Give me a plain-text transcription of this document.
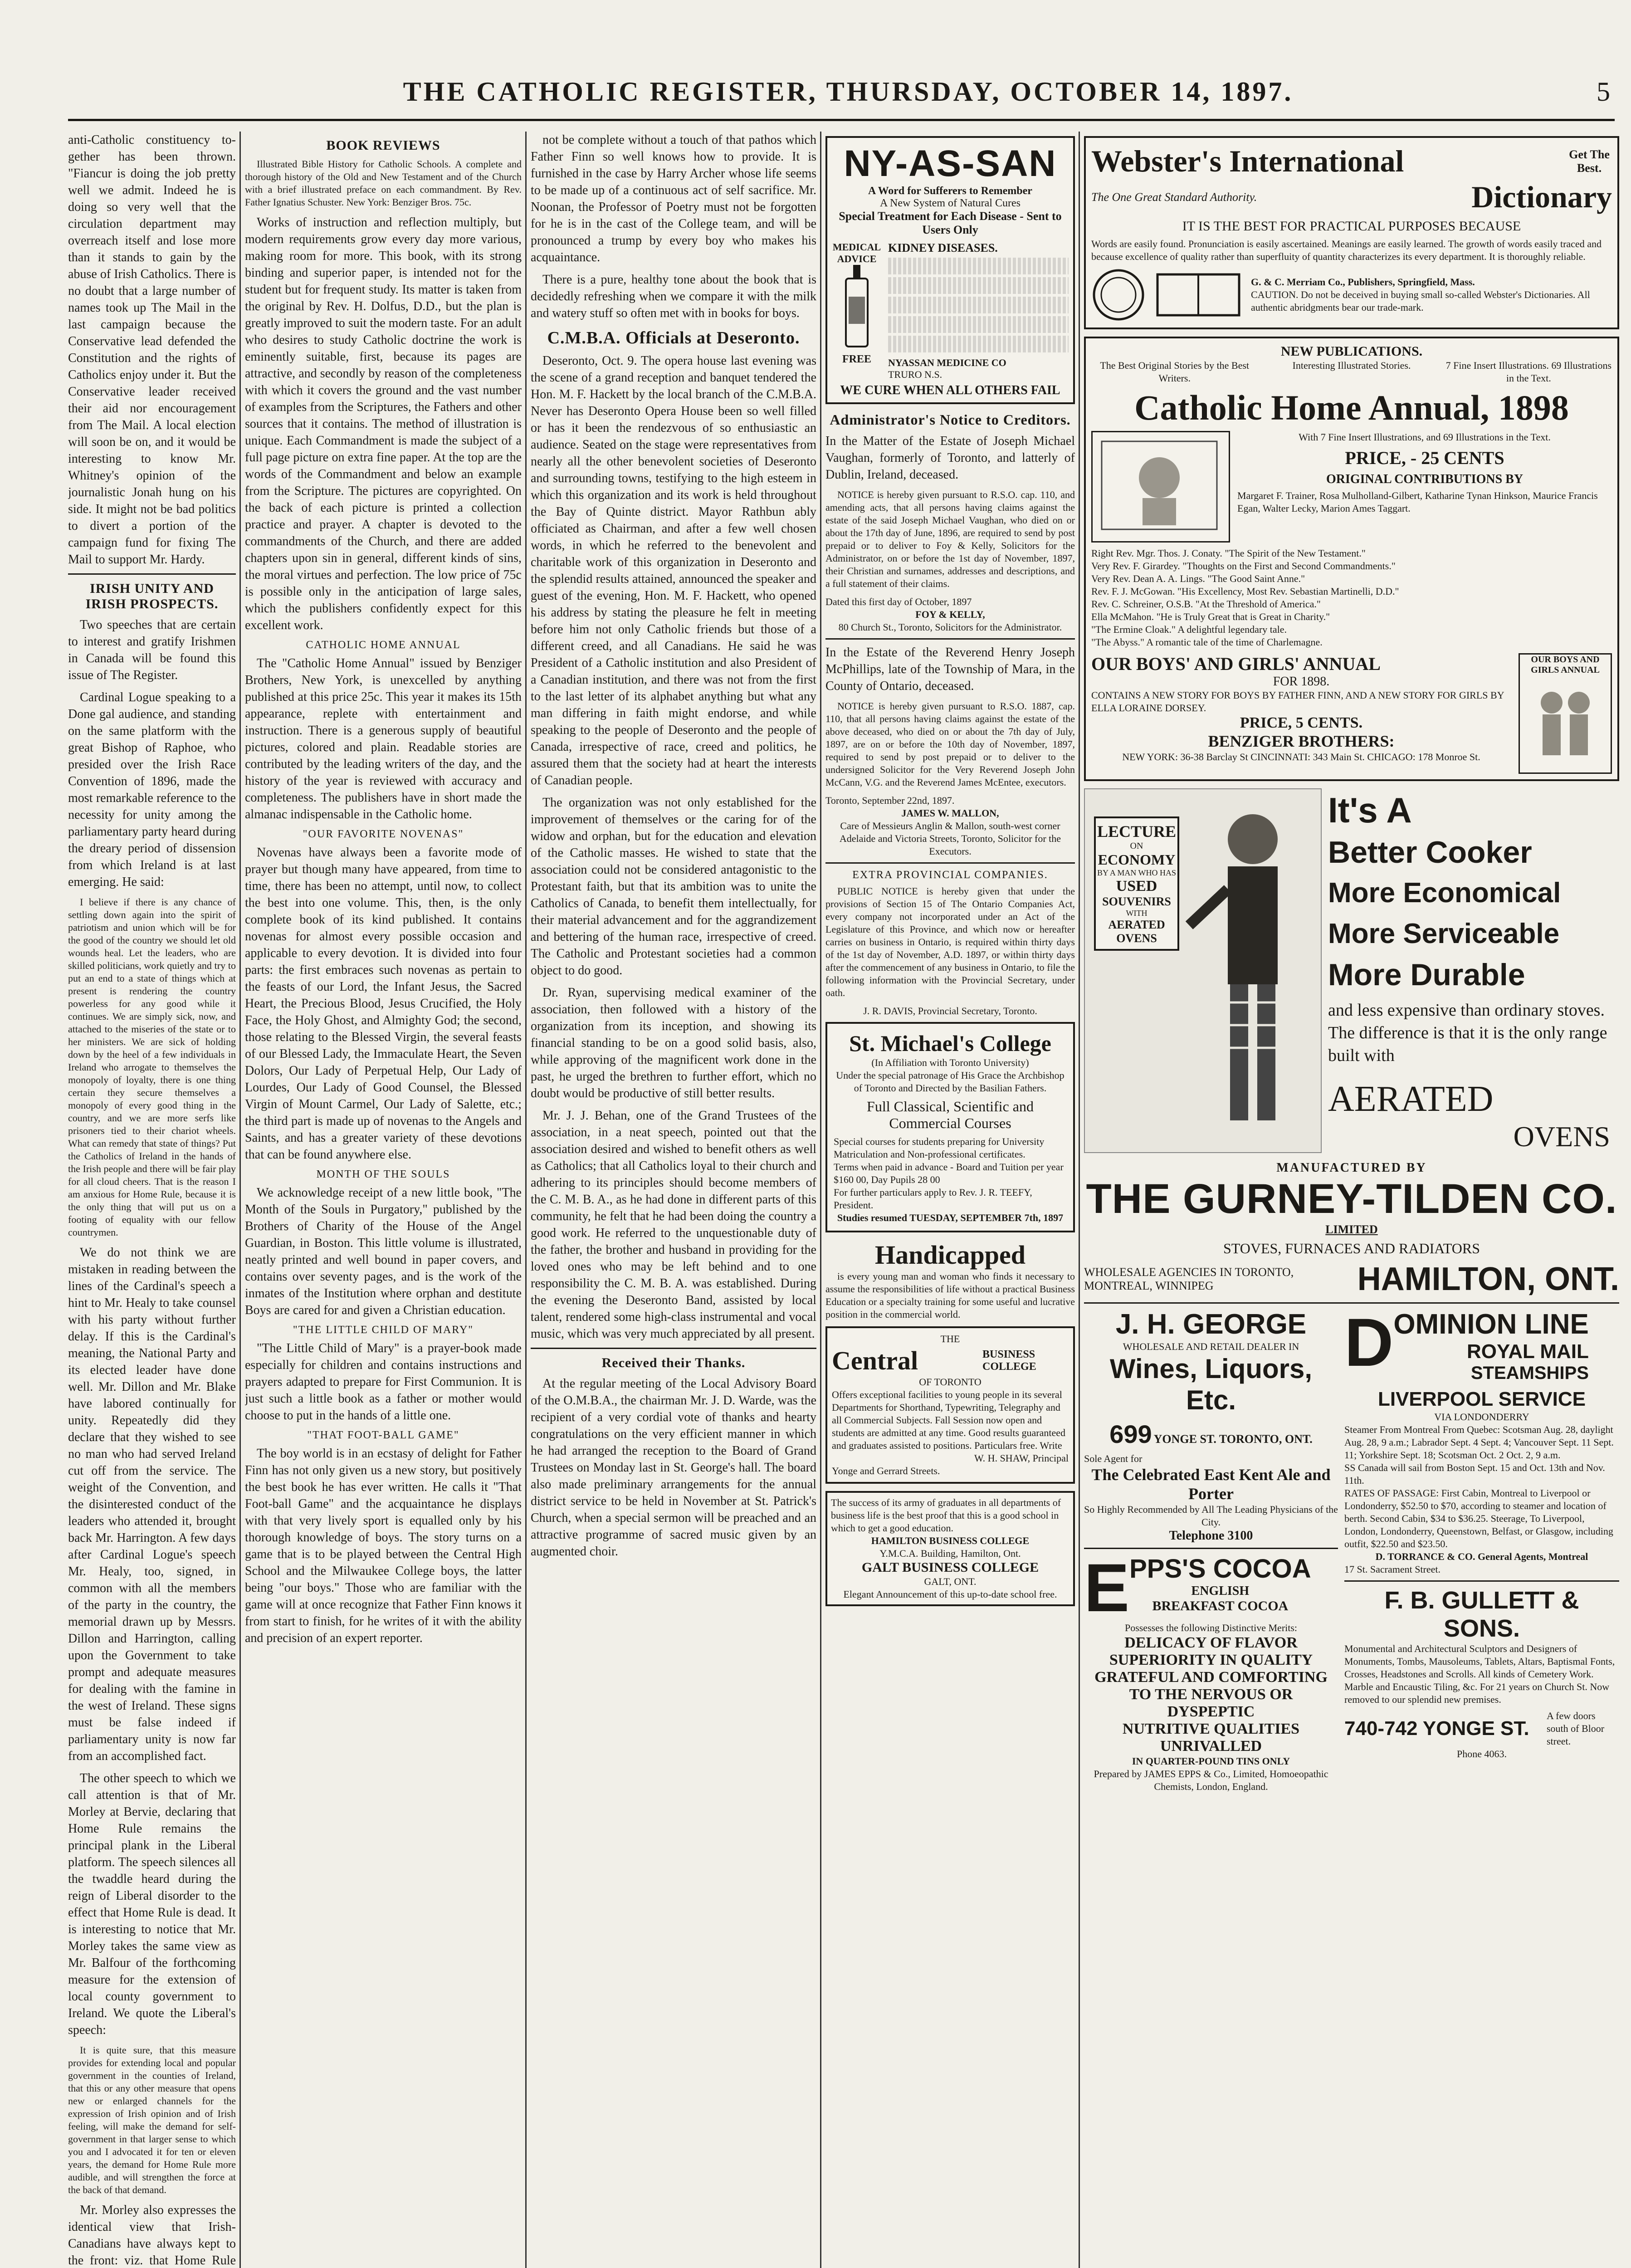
THE CATHOLIC REGISTER, THURSDAY, OCTOBER 14, 1897.	5

anti-Catholic constituency to-gether has been thrown. "Fiancur is doing the job pretty well we admit. Indeed he is doing so very well that the circulation department may overreach itself and lose more than it stands to gain by the abuse of Irish Catholics. There is no doubt that a large number of names took up The Mail in the last campaign because the Conservative lead defended the Constitution and the rights of Catholics enjoy under it. But the Conservative leader received their aid nor encouragement from The Mail. A local election will soon be on, and it would be interesting to know Mr. Whitney's opinion of the journalistic Jonah hung on his side. It might not be bad politics to divert a portion of the campaign fund for fixing The Mail to support Mr. Hardy.

IRISH UNITY AND IRISH PROSPECTS.

Two speeches that are certain to interest and gratify Irishmen in Canada will be found this issue of The Register.

Cardinal Logue speaking to a Done gal audience, and standing on the same platform with the great Bishop of Raphoe, who presided over the Irish Race Convention of 1896, made the most remarkable reference to the necessity for unity among the parliamentary party heard during the dreary period of dissension from which Ireland is at last emerging. He said:

I believe if there is any chance of settling down again into the spirit of patriotism and union which will be for the good of the country we should let old wounds heal. Let the leaders, who are skilled politicians, work quietly and try to put an end to a state of things which at present is rendering the country powerless for any good while it continues. We are simply sick, now, and attached to the miseries of the state or to her ministers. We are sick of holding down by the heel of a few individuals in Ireland who arrogate to themselves the monopoly of loyalty, there is one thing certain they secure themselves a monopoly of every good thing in the country, and we are more serfs like prisoners tied to their chariot wheels. What can remedy that state of things? Put the Catholics of Ireland in the hands of the Irish people and there will be fair play for all cloud cheers. That is the reason I am anxious for Home Rule, because it is the only thing that will put us on a footing of equality with our fellow countrymen.

We do not think we are mistaken in reading between the lines of the Cardinal's speech a hint to Mr. Healy to take counsel with his party without further delay. If this is the Cardinal's meaning, the National Party and its elected leader have done well. Mr. Dillon and Mr. Blake have labored continually for unity. Repeatedly did they declare that they wished to see no man who had served Ireland cut off from the service. The weight of the Convention, and the disinterested conduct of the leaders who attended it, brought back Mr. Harrington. A few days after Cardinal Logue's speech Mr. Healy, too, signed, in common with all the members of the party in the country, the memorial drawn up by Messrs. Dillon and Harrington, calling upon the Government to take prompt and adequate measures for dealing with the famine in the west of Ireland. These signs must be false indeed if parliamentary unity is now far from an accomplished fact.

The other speech to which we call attention is that of Mr. Morley at Bervie, declaring that Home Rule remains the principal plank in the Liberal platform. The speech silences all the twaddle heard during the reign of Liberal disorder to the effect that Home Rule is dead. It is interesting to notice that Mr. Morley takes the same view as Mr. Balfour of the forthcoming measure for the extension of local county government to Ireland. We quote the Liberal's speech:

It is quite sure, that this measure provides for extending local and popular government in the counties of Ireland, that this or any other measure that opens new or enlarged channels for the expression of Irish opinion and of Irish feeling, will make the demand for self-government in that larger sense to which you and I advocated it for ten or eleven years, the demand for Home Rule more audible, and will strengthen the force at the back of that demand.

Mr. Morley also expresses the identical view that Irish-Canadians have always kept to the front: viz. that Home Rule

BOOK REVIEWS

Illustrated Bible History for Catholic Schools. A complete and thorough history of the Old and New Testament and of the Church with a brief illustrated preface on each commandment. By Rev. Father Ignatius Schuster. New York: Benziger Bros. 75c.

Works of instruction and reflection multiply, but modern requirements grow every day more various, making room for more. This book, with its strong binding and superior paper, is intended not for the student but for frequent study. Its matter is taken from the original by Rev. H. Dolfus, D.D., but the plan is greatly improved to suit the modern taste. For an adult who desires to study Catholic doctrine the work is eminently suitable, first, because its pages are attractive, and secondly by reason of the completeness with which it covers the ground and the vast number of examples from the Scriptures, the Fathers and other sources that it contains. The method of illustration is unique. Each Commandment is made the subject of a full page picture on extra fine paper. At the top are the words of the Commandment and below an example from the Scripture. The pictures are copyrighted. On the back of each picture is printed a collection practice and prayer. A chapter is devoted to the commandments of the Church, and there are added chapters upon sin in general, different kinds of sins, the moral virtues and perfection. The low price of 75c is possible only in the anticipation of large sales, which the publishers confidently expect for this excellent work.

CATHOLIC HOME ANNUAL

The "Catholic Home Annual" issued by Benziger Brothers, New York, is unexcelled by anything published at this price 25c. This year it makes its 15th appearance, replete with entertainment and instruction. There is a generous supply of beautiful pictures, colored and plain. Readable stories are contributed by the leading writers of the day, and the history of the year is reviewed with accuracy and completeness. The publishers have in short made the almanac indispensable in the Catholic home.

"OUR FAVORITE NOVENAS"

Novenas have always been a favorite mode of prayer but though many have appeared, from time to time, there has been no attempt, until now, to collect the best into one volume. This, then, is the only complete book of its kind published. It contains novenas for almost every possible occasion and applicable to every devotion. It is divided into four parts: the first embraces such novenas as pertain to the feasts of our Lord, the Infant Jesus, the Sacred Heart, the Precious Blood, Jesus Crucified, the Holy Face, the Holy Ghost, and Almighty God; the second, those relating to the Blessed Virgin, the several feasts of our Blessed Lady, the Immaculate Heart, the Seven Dolors, Our Lady of Perpetual Help, Our Lady of Lourdes, Our Lady of Good Counsel, the Blessed Virgin of Mount Carmel, Our Lady of Salette, etc.; the third part is made up of novenas to the Angels and Saints, and has a greater variety of these devotions that can be found anywhere else.

MONTH OF THE SOULS

We acknowledge receipt of a new little book, "The Month of the Souls in Purgatory," published by the Brothers of Charity of the House of the Angel Guardian, in Boston. This little volume is illustrated, neatly printed and well bound in paper covers, and contains over seventy pages, and is the work of the inmates of the Institution where orphan and destitute Boys are cared for and given a Christian education.

"THE LITTLE CHILD OF MARY"

"The Little Child of Mary" is a prayer-book made especially for children and contains instructions and prayers adapted to prepare for First Communion. It is just such a little book as a father or mother would choose to put in the hands of a little one.

"THAT FOOT-BALL GAME"

The boy world is in an ecstasy of delight for Father Finn has not only given us a new story, but positively the best book he has ever written. He calls it "That Foot-ball Game" and the acquaintance he displays with that very lively sport is equalled only by his thorough knowledge of boys. The story turns on a game that is to be played between the Central High School and the Milwaukee College boys, the latter being "our boys." Those who are familiar with the game will at once recognize that Father Finn knows it from start to finish, for he writes of it with the ability and precision of an expert reporter.

not be complete without a touch of that pathos which Father Finn so well knows how to provide. It is furnished in the case by Harry Archer whose life seems to be made up of a continuous act of self sacrifice. Mr. Noonan, the Professor of Poetry must not be forgotten for he is in the cast of the College team, and will be pronounced a trump by every boy who makes his acquaintance.

There is a pure, healthy tone about the book that is decidedly refreshing when we compare it with the milk and watery stuff so often met with in books for boys.

C.M.B.A. Officials at Deseronto.

Deseronto, Oct. 9. The opera house last evening was the scene of a grand reception and banquet tendered the Hon. M. F. Hackett by the local branch of the C.M.B.A. Never has Deseronto Opera House been so well filled or has it been the rendezvous of so enthusiastic an audience. Seated on the stage were representatives from nearly all the other benevolent societies of Deseronto and surrounding towns, testifying to the high esteem in which this organization and its work is held throughout the Bay of Quinte district. Mayor Rathbun ably officiated as Chairman, and after a few well chosen words, in which he referred to the benevolent and charitable work of this organization in Deseronto and the splendid results attained, announced the speaker and guest of the evening, Hon. M. F. Hackett, who opened his address by stating the pleasure he felt in meeting before him not only Catholic friends but those of a different creed, and all Canadians. He said he was President of a Catholic institution and also President of a Canadian institution, and there was not from the first to the last letter of its alphabet anything but what any man differing in faith might endorse, and while speaking to the people of Deseronto and the people of Canada, irrespective of race, creed and politics, he assured them that the society had at heart the interests of Canadian people.

The organization was not only established for the improvement of themselves or the caring for of the widow and orphan, but for the education and elevation of the Catholic masses. He wished to state that the association could not be considered antagonistic to the Protestant faith, but that its ambition was to unite the Catholics of Canada, to benefit them intellectually, for their material advancement and for the aggrandizement and bettering of the human race, irrespective of creed. The Catholic and Protestant societies had a common object to do good.

Dr. Ryan, supervising medical examiner of the association, then followed with a history of the organization from its inception, and showing its financial standing to be on a good solid basis, also, while approving of the magnificent work done in the past, he urged the brethren to further effort, which no doubt would be productive of still better results.

Mr. J. J. Behan, one of the Grand Trustees of the association, in a neat speech, pointed out that the association desired and wished to benefit others as well as Catholics; that all Catholics loyal to their church and adhering to its principles should become members of the C. M. B. A., as he had done in different parts of this community, he felt that he had been doing the country a good work. He referred to the unquestionable duty of the father, the brother and husband in providing for the loved ones who may be left behind and to one responsibility the C. M. B. A. was established. During the evening the Deseronto Band, assisted by local talent, rendered some high-class instrumental and vocal music, which was very much appreciated by all present.

Received their Thanks.

At the regular meeting of the Local Advisory Board of the O.M.B.A., the chairman Mr. J. D. Warde, was the recipient of a very cordial vote of thanks and hearty congratulations on the very efficient manner in which he had arranged the reception to the Board of Grand Trustees on Monday last in St. George's hall. The board also made preliminary arrangements for the annual district service to be held in November at St. Patrick's Church, when a special sermon will be preached and an attractive programme of sacred music given by an augmented choir.

NY-AS-SAN
A Word for Sufferers to Remember
A New System of Natural Cures
Special Treatment for Each Disease - Sent to Users Only
MEDICAL
ADVICE
FREE
KIDNEY DISEASES.
NYASSAN MEDICINE CO
TRURO N.S.
WE CURE WHEN ALL OTHERS FAIL
Administrator's Notice to Creditors.

In the Matter of the Estate of Joseph Michael Vaughan, formerly of Toronto, and latterly of Dublin, Ireland, deceased.

NOTICE is hereby given pursuant to R.S.O. cap. 110, and amending acts, that all persons having claims against the estate of the said Joseph Michael Vaughan, who died on or about the 17th day of June, 1896, are required to send by post prepaid or to deliver to Foy & Kelly, Solicitors for the Administrator, on or before the 1st day of November, 1897, their Christian and surnames, addresses and descriptions, and a full statement of their claims.

Dated this first day of October, 1897
FOY & KELLY,
80 Church St., Toronto, Solicitors for the Administrator.

In the Estate of the Reverend Henry Joseph McPhillips, late of the Township of Mara, in the County of Ontario, deceased.

NOTICE is hereby given pursuant to R.S.O. 1887, cap. 110, that all persons having claims against the estate of the above deceased, who died on or about the 7th day of July, 1897, are on or before the 10th day of November, 1897, required to send by post prepaid or to deliver to the undersigned Solicitor for the Very Reverend Joseph John McCann, V.G. and the Reverend James McEntee, executors.

Toronto, September 22nd, 1897.
JAMES W. MALLON,
Care of Messieurs Anglin & Mallon, south-west corner Adelaide and Victoria Streets, Toronto, Solicitor for the Executors.
EXTRA PROVINCIAL COMPANIES.

PUBLIC NOTICE is hereby given that under the provisions of Section 15 of The Ontario Companies Act, every company not incorporated under an Act of the Legislature of this Province, and which now or hereafter carries on business in Ontario, is required within thirty days of the 1st day of November, A.D. 1897, or within thirty days after the commencement of any business in Ontario, to file the following information with the Provincial Secretary, under oath.

J. R. DAVIS, Provincial Secretary, Toronto.
St. Michael's College
(In Affiliation with Toronto University)
Under the special patronage of His Grace the Archbishop of Toronto and Directed by the Basilian Fathers.
Full Classical, Scientific and Commercial Courses
Special courses for students preparing for University Matriculation and Non-professional certificates.
Terms when paid in advance - Board and Tuition per year $160 00, Day Pupils 28 00
For further particulars apply to Rev. J. R. TEEFY, President.
Studies resumed TUESDAY, SEPTEMBER 7th, 1897
Handicapped

is every young man and woman who finds it necessary to assume the responsibilities of life without a practical Business Education or a specialty training for some useful and lucrative position in the commercial world.

THE
Central	BUSINESS COLLEGE
OF TORONTO
Offers exceptional facilities to young people in its several Departments for Shorthand, Typewriting, Telegraphy and all Commercial Subjects. Fall Session now open and students are admitted at any time. Good results guaranteed and graduates assisted to positions. Particulars free. Write
W. H. SHAW, Principal
Yonge and Gerrard Streets.
The success of its army of graduates in all departments of business life is the best proof that this is a good school in which to get a good education.
HAMILTON BUSINESS COLLEGE
Y.M.C.A. Building, Hamilton, Ont.
GALT BUSINESS COLLEGE
GALT, ONT.
Elegant Announcement of this up-to-date school free.
Webster's International	Get The Best.
The One Great Standard Authority.	Dictionary
IT IS THE BEST FOR PRACTICAL PURPOSES BECAUSE
Words are easily found. Pronunciation is easily ascertained. Meanings are easily learned. The growth of words easily traced and because excellence of quality rather than superfluity of quantity characterizes its every department. It is thoroughly reliable.
G. & C. Merriam Co., Publishers, Springfield, Mass.
CAUTION. Do not be deceived in buying small so-called Webster's Dictionaries. All authentic abridgments bear our trade-mark.
NEW PUBLICATIONS.
The Best Original Stories by the Best Writers.
Interesting Illustrated Stories.	7 Fine Insert Illustrations. 69 Illustrations in the Text.
Catholic Home Annual, 1898
With 7 Fine Insert Illustrations, and 69 Illustrations in the Text.
PRICE, - 25 CENTS
ORIGINAL CONTRIBUTIONS BY
Margaret F. Trainer, Rosa Mulholland-Gilbert, Katharine Tynan Hinkson, Maurice Francis Egan, Walter Lecky, Marion Ames Taggart.
Right Rev. Mgr. Thos. J. Conaty. "The Spirit of the New Testament."
Very Rev. F. Girardey. "Thoughts on the First and Second Commandments."
Very Rev. Dean A. A. Lings. "The Good Saint Anne."
Rev. F. J. McGowan. "His Excellency, Most Rev. Sebastian Martinelli, D.D."
Rev. C. Schreiner, O.S.B. "At the Threshold of America."
Ella McMahon. "He is Truly Great that is Great in Charity."
"The Ermine Cloak." A delightful legendary tale.
"The Abyss." A romantic tale of the time of Charlemagne.
OUR BOYS' AND GIRLS' ANNUAL
FOR 1898.
CONTAINS A NEW STORY FOR BOYS BY FATHER FINN, AND A NEW STORY FOR GIRLS BY ELLA LORAINE DORSEY.
PRICE, 5 CENTS.
BENZIGER BROTHERS:
NEW YORK: 36-38 Barclay St CINCINNATI: 343 Main St. CHICAGO: 178 Monroe St.
OUR BOYS AND GIRLS ANNUAL
LECTURE
ON
ECONOMY
BY A MAN WHO HAS
USED
SOUVENIRS
WITH
AERATED
OVENS
It's A
Better Cooker
More Economical
More Serviceable
More Durable
and less expensive than ordinary stoves. The difference is that it is the only range built with
AERATED
OVENS
MANUFACTURED BY
THE GURNEY-TILDEN CO.
LIMITED
STOVES, FURNACES AND RADIATORS
WHOLESALE AGENCIES IN TORONTO, MONTREAL, WINNIPEG	HAMILTON, ONT.
J. H. GEORGE
WHOLESALE AND RETAIL DEALER IN
Wines, Liquors, Etc.
699 YONGE ST. TORONTO, ONT.
Sole Agent for
The Celebrated East Kent Ale and Porter
So Highly Recommended by All The Leading Physicians of the City.
Telephone 3100
E PPS'S COCOA
ENGLISH
BREAKFAST COCOA
Possesses the following Distinctive Merits:
DELICACY OF FLAVOR
SUPERIORITY IN QUALITY
GRATEFUL AND COMFORTING
TO THE NERVOUS OR
DYSPEPTIC
NUTRITIVE QUALITIES
UNRIVALLED
IN QUARTER-POUND TINS ONLY
Prepared by JAMES EPPS & Co., Limited, Homoeopathic Chemists, London, England.
D OMINION LINE
ROYAL MAIL
STEAMSHIPS
LIVERPOOL SERVICE
VIA LONDONDERRY
Steamer From Montreal From Quebec: Scotsman Aug. 28, daylight Aug. 28, 9 a.m.; Labrador Sept. 4 Sept. 4; Vancouver Sept. 11 Sept. 11; Yorkshire Sept. 18; Scotsman Oct. 2 Oct. 2, 9 a.m.
SS Canada will sail from Boston Sept. 15 and Oct. 13th and Nov. 11th.
RATES OF PASSAGE: First Cabin, Montreal to Liverpool or Londonderry, $52.50 to $70, according to steamer and location of berth. Second Cabin, $34 to $36.25. Steerage, To Liverpool, London, Londonderry, Queenstown, Belfast, or Glasgow, including outfit, $22.50 and $23.50.
D. TORRANCE & CO. General Agents, Montreal
17 St. Sacrament Street.
F. B. GULLETT & SONS.
Monumental and Architectural Sculptors and Designers of Monuments, Tombs, Mausoleums, Tablets, Altars, Baptismal Fonts, Crosses, Headstones and Scrolls. All kinds of Cemetery Work. Marble and Encaustic Tiling, &c. For 21 years on Church St. Now removed to our splendid new premises.
740-742 YONGE ST.
A few doors south of Bloor street.
Phone 4063.
